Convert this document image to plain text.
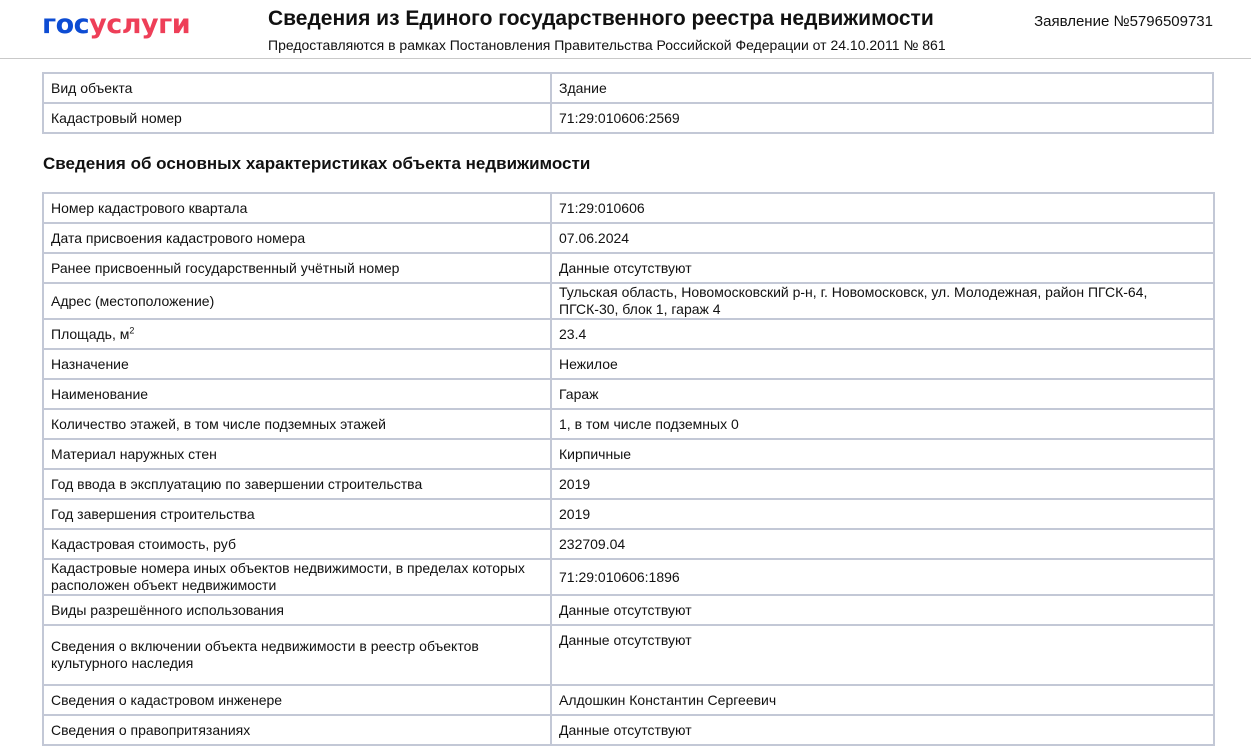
госуслуги	Сведения из Единого государственного реестра недвижимости
Предоставляются в рамках Постановления Правительства Российской Федерации от 24.10.2011 № 861
Заявление №5796509731
Вид объекта	Здание
Кадастровый номер	71:29:010606:2569
Сведения об основных характеристиках объекта недвижимости
Номер кадастрового квартала	71:29:010606
Дата присвоения кадастрового номера	07.06.2024
Ранее присвоенный государственный учётный номер	Данные отсутствуют
Адрес (местоположение)	Тульская область, Новомосковский р-н, г. Новомосковск, ул. Молодежная, район ПГСК-64, ПГСК-30, блок 1, гараж 4
Площадь, $м^2$	23.4
Назначение	Нежилое
Наименование	Гараж
Количество этажей, в том числе подземных этажей	1, в том числе подземных 0
Материал наружных стен	Кирпичные
Год ввода в эксплуатацию по завершении строительства	2019
Год завершения строительства	2019
Кадастровая стоимость, руб	232709.04
Кадастровые номера иных объектов недвижимости, в пределах которых расположен объект недвижимости	71:29:010606:1896
Виды разрешённого использования	Данные отсутствуют
Сведения о включении объекта недвижимости в реестр объектов культурного наследия	Данные отсутствуют
Сведения о кадастровом инженере	Алдошкин Константин Сергеевич
Сведения о правопритязаниях	Данные отсутствуют
